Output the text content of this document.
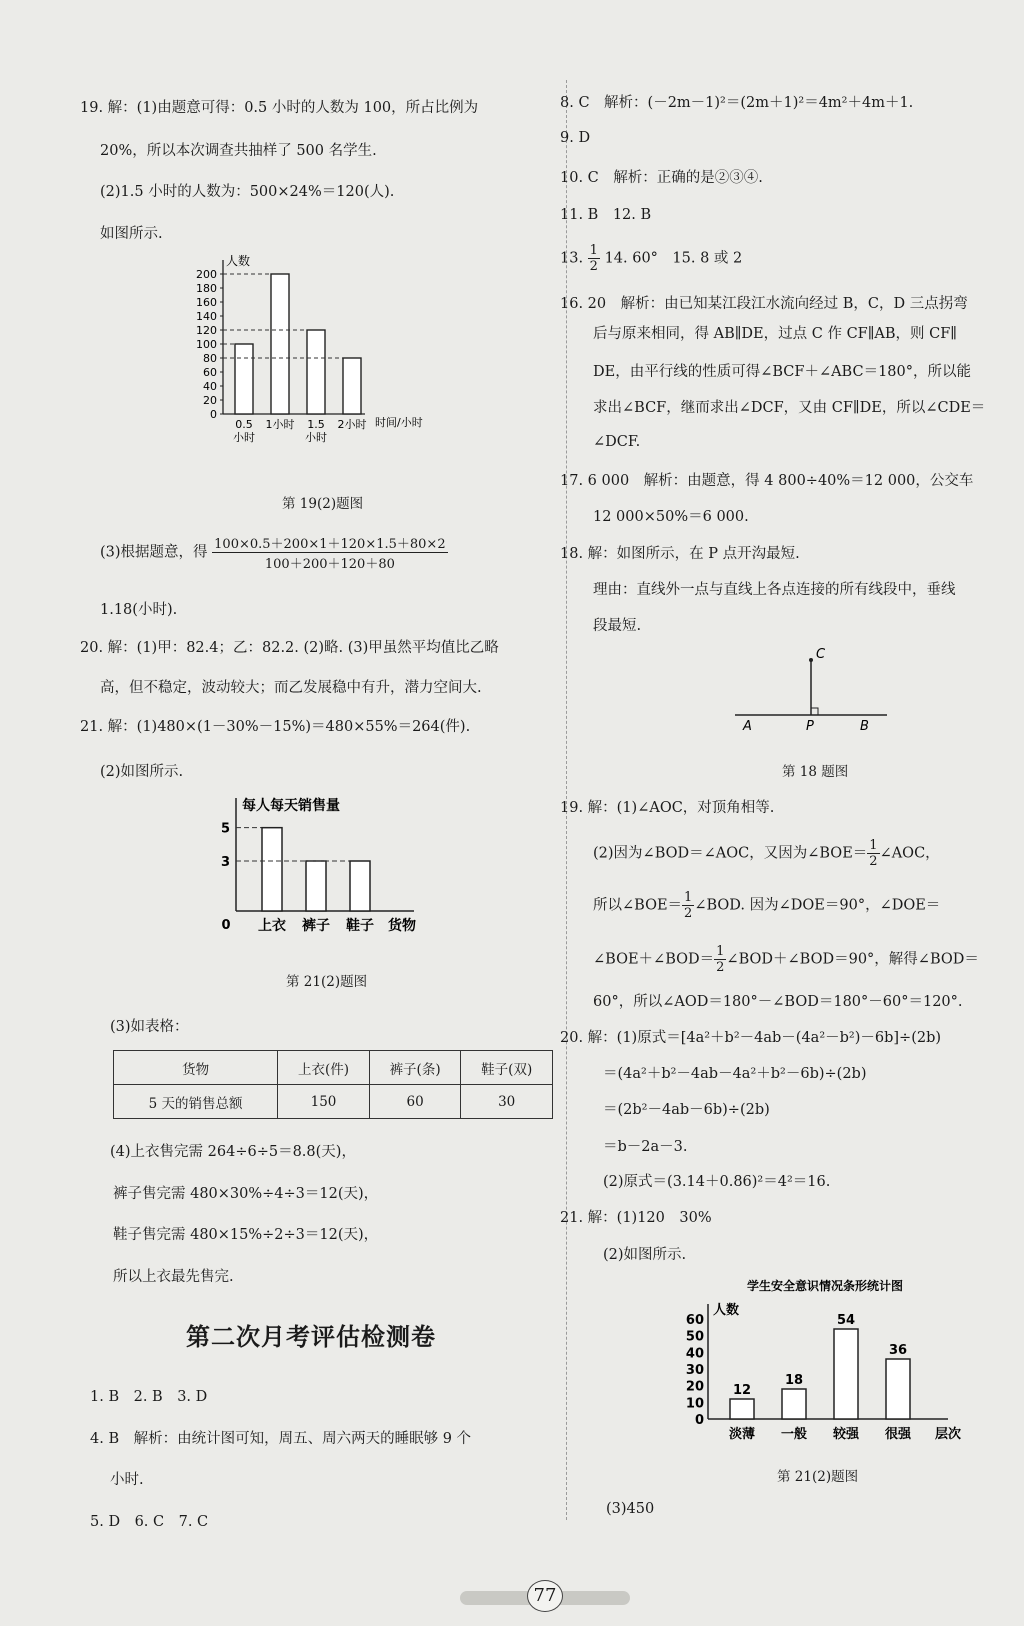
19. 解：(1)由题意可得：0.5 小时的人数为 100，所占比例为
20%，所以本次调查共抽样了 500 名学生.
(2)1.5 小时的人数为：500×24%＝120(人).
如图所示.
人数
时间/小时
0
20
40
60
80
100
120
140
160
180
200
0.5 小时
1小时 1.5 小时
2小时
第 19(2)题图
(3)根据题意，得 $\frac{100\times 0.5+200\times 1+120\times 1.5+80\times 2}{100+200+120+80}$
1.18(小时).
20. 解：(1)甲：82.4；乙：82.2. (2)略. (3)甲虽然平均值比乙略
高，但不稳定，波动较大；而乙发展稳中有升，潜力空间大.
21. 解：(1)480×(1－30%－15%)＝480×55%＝264(件).
(2)如图所示.
每人每天销售量
0
3
5
上衣 裤子 鞋子 货物
第 21(2)题图
(3)如表格：
货物	上衣(件)	裤子(条)	鞋子(双)
5 天的销售总额	150	60	30
(4)上衣售完需 264÷6÷5＝8.8(天)，
裤子售完需 480×30%÷4÷3＝12(天)，
鞋子售完需 480×15%÷2÷3＝12(天)，
所以上衣最先售完.
第二次月考评估检测卷
1. B　2. B　3. D
4. B　解析：由统计图可知，周五、周六两天的睡眠够 9 个
小时.
5. D　6. C　7. C
8. C　解析：(－2m－1)²＝(2m＋1)²＝4m²＋4m＋1.
9. D
10. C　解析：正确的是②③④.
11. B　12. B
13. $\frac{1}{2} 14$. 60°　15. 8 或 2
16. 20　解析：由已知某江段江水流向经过 B，C，D 三点拐弯
后与原来相同，得 AB∥DE，过点 C 作 CF∥AB，则 CF∥
DE，由平行线的性质可得∠BCF＋∠ABC＝180°，所以能
求出∠BCF，继而求出∠DCF，又由 CF∥DE，所以∠CDE＝
∠DCF.
17. 6 000　解析：由题意，得 4 800÷40%＝12 000，公交车
12 000×50%＝6 000.
18. 解：如图所示，在 P 点开沟最短.
理由：直线外一点与直线上各点连接的所有线段中，垂线
段最短.
C
P
A	B
第 18 题图
19. 解：(1)∠AOC，对顶角相等.
(2)因为∠BOD＝∠AOC，又因为∠BOE＝ $\frac{1}{2}$ ∠AOC，
所以∠BOE＝ $\frac{1}{2}$ ∠BOD. 因为∠DOE＝90°，∠DOE＝
∠BOE＋∠BOD＝ $\frac{1}{2}$ ∠BOD＋∠BOD＝90°，解得∠BOD＝
60°，所以∠AOD＝180°－∠BOD＝180°－60°＝120°.
20. 解：(1)原式＝[4a²＋b²－4ab－(4a²－b²)－6b]÷(2b)
＝(4a²＋b²－4ab－4a²＋b²－6b)÷(2b)
＝(2b²－4ab－6b)÷(2b)
＝b－2a－3.
(2)原式＝(3.14＋0.86)²＝4²＝16.
21. 解：(1)120　30%
(2)如图所示.
学生安全意识情况条形统计图
人数
0
10
20
30
40
50
60
12
淡薄
18
一般
54
较强
36
很强 层次
第 21(2)题图
(3)450
77
